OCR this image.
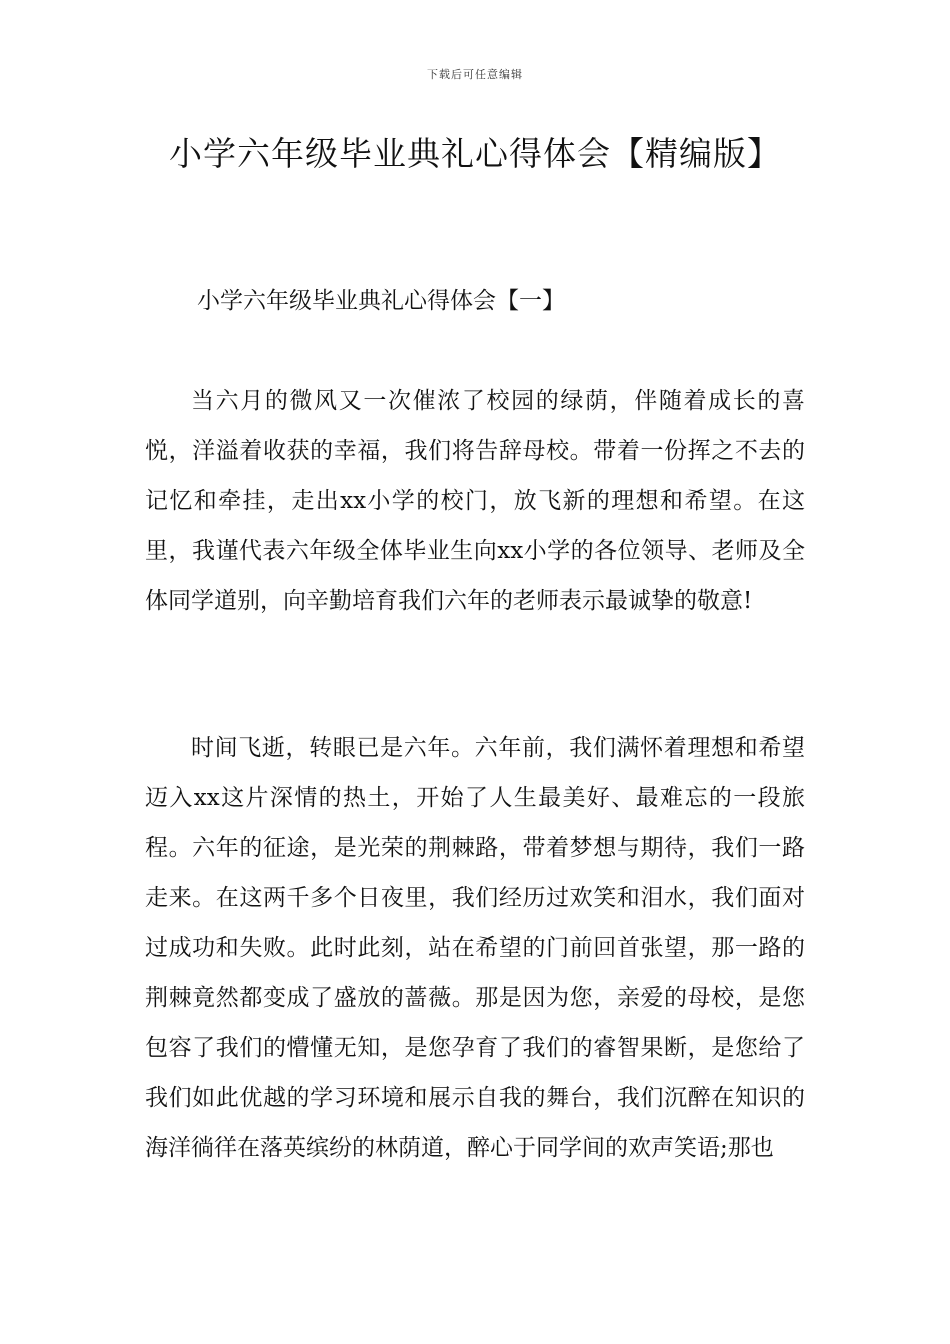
下载后可任意编辑
小学六年级毕业典礼心得体会【精编版】
小学六年级毕业典礼心得体会【一】

当六月的微风又一次催浓了校园的绿荫，伴随着成长的喜悦，洋溢着收获的幸福，我们将告辞母校。带着一份挥之不去的记忆和牵挂，走出xx小学的校门，放飞新的理想和希望。在这里，我谨代表六年级全体毕业生向xx小学的各位领导、老师及全体同学道别，向辛勤培育我们六年的老师表示最诚挚的敬意!

时间飞逝，转眼已是六年。六年前，我们满怀着理想和希望迈入xx这片深情的热土，开始了人生最美好、最难忘的一段旅程。六年的征途，是光荣的荆棘路，带着梦想与期待，我们一路走来。在这两千多个日夜里，我们经历过欢笑和泪水，我们面对过成功和失败。此时此刻，站在希望的门前回首张望，那一路的荆棘竟然都变成了盛放的蔷薇。那是因为您，亲爱的母校，是您包容了我们的懵懂无知，是您孕育了我们的睿智果断，是您给了我们如此优越的学习环境和展示自我的舞台，我们沉醉在知识的海洋徜徉在落英缤纷的林荫道，醉心于同学间的欢声笑语;那也
